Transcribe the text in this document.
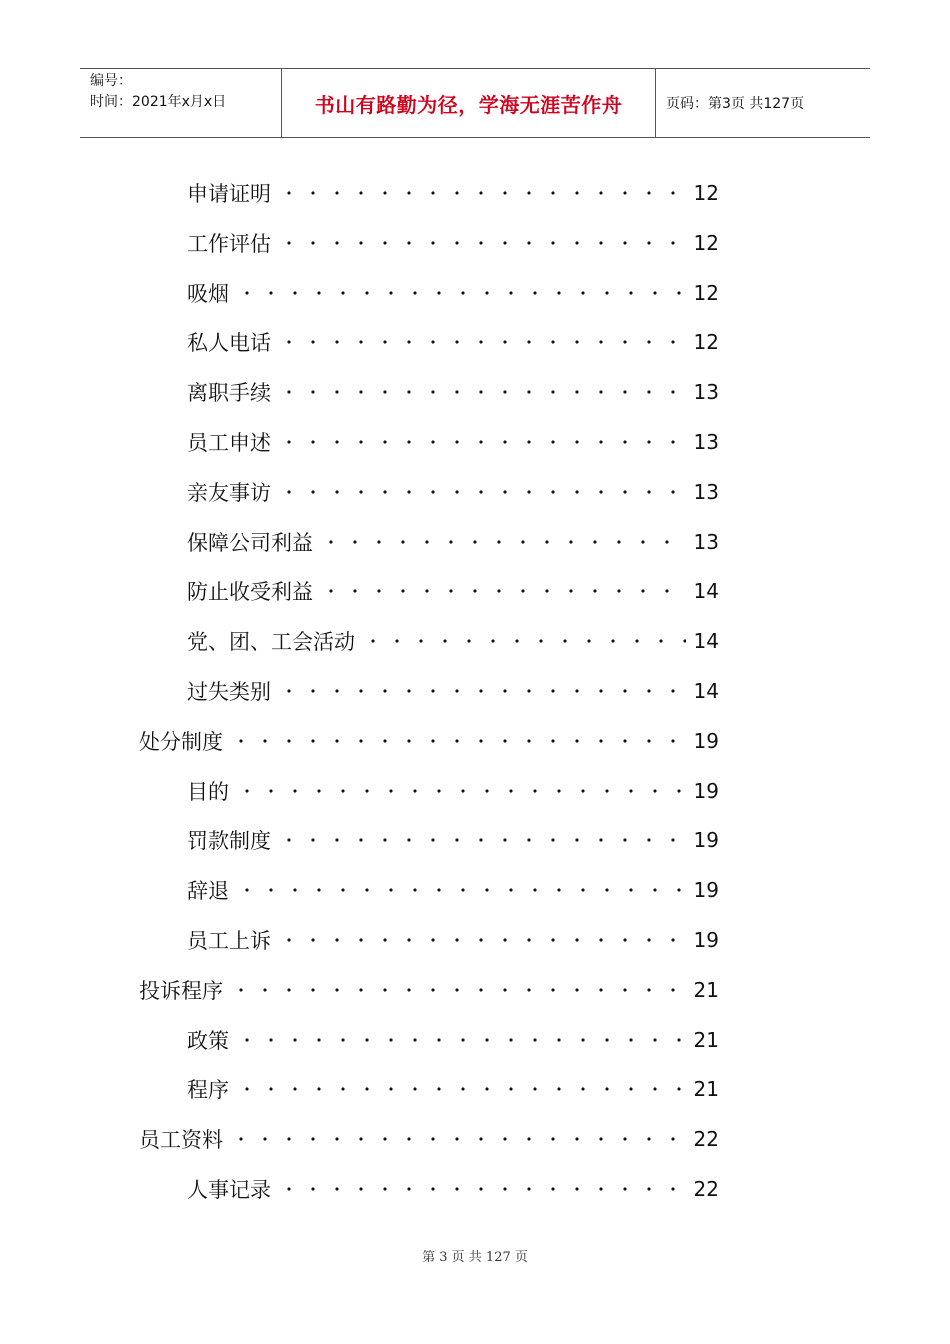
编号：
时间：2021年x月x日	书山有路勤为径，学海无涯苦作舟	页码：第3页 共127页
申请证明	12
工作评估	12
吸烟	12
私人电话	12
离职手续	13
员工申述	13
亲友事访	13
保障公司利益	13
防止收受利益	14
党、团、工会活动	14
过失类别	14
处分制度	19
目的	19
罚款制度	19
辞退	19
员工上诉	19
投诉程序	21
政策	21
程序	21
员工资料	22
人事记录	22
第 3 页 共 127 页
